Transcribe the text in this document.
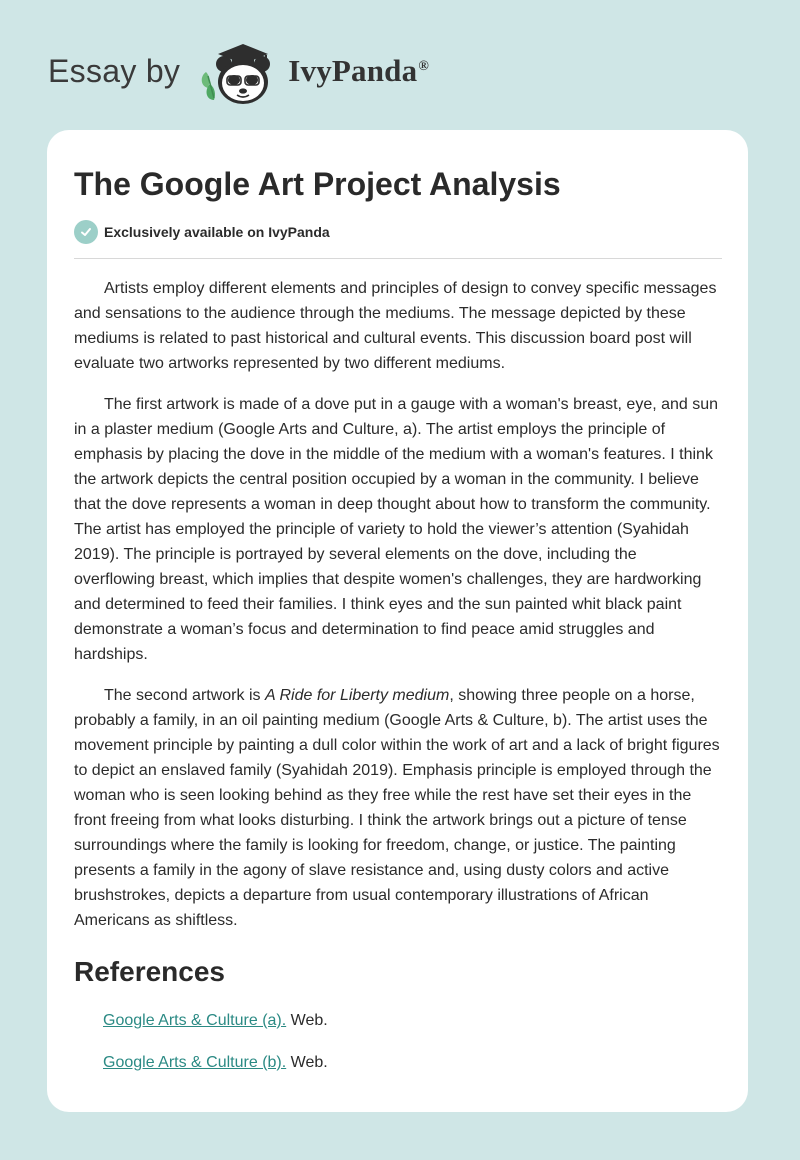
Essay by	IvyPanda®
The Google Art Project Analysis
Exclusively available on IvyPanda

Artists employ different elements and principles of design to convey specific messages and sensations to the audience through the mediums. The message depicted by these mediums is related to past historical and cultural events. This discussion board post will evaluate two artworks represented by two different mediums.

The first artwork is made of a dove put in a gauge with a woman's breast, eye, and sun in a plaster medium (Google Arts and Culture, a). The artist employs the principle of emphasis by placing the dove in the middle of the medium with a woman's features. I think the artwork depicts the central position occupied by a woman in the community. I believe that the dove represents a woman in deep thought about how to transform the community. The artist has employed the principle of variety to hold the viewer’s attention (Syahidah 2019). The principle is portrayed by several elements on the dove, including the overflowing breast, which implies that despite women's challenges, they are hardworking and determined to feed their families. I think eyes and the sun painted whit black paint demonstrate a woman’s focus and determination to find peace amid struggles and hardships.

The second artwork is A Ride for Liberty medium, showing three people on a horse, probably a family, in an oil painting medium (Google Arts & Culture, b). The artist uses the movement principle by painting a dull color within the work of art and a lack of bright figures to depict an enslaved family (Syahidah 2019). Emphasis principle is employed through the woman who is seen looking behind as they free while the rest have set their eyes in the front freeing from what looks disturbing. I think the artwork brings out a picture of tense surroundings where the family is looking for freedom, change, or justice. The painting presents a family in the agony of slave resistance and, using dusty colors and active brushstrokes, depicts a departure from usual contemporary illustrations of African Americans as shiftless.

References
Google Arts & Culture (a). Web.
Google Arts & Culture (b). Web.
